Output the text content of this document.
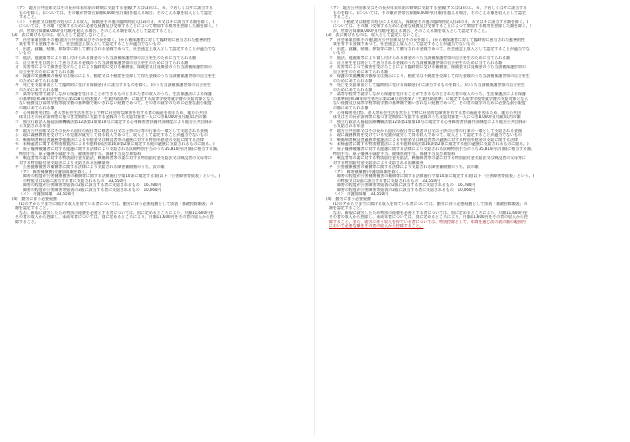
（ア）　地方公共団体又はその長が年末年始の時期に支給する金銭(アスは(3)のエ、カ、ク若しくはサに該当する
ものを除く。)については、その額が世帯合算額8,000円(月額)を超える場合、そのこえる額を収入として認定
すること。
（イ）　不動産又は動産の処分による収入、保険金その他の臨時的収入((3)のオ、カ又はキに該当する額を除く。)
については、その額（受領するために必要な経費及び受領することによつて増加する税等を控除した額を除く。）
が、世帯合算額8,000円(月額)を超える場合、そのこえる額を収入として認定すること。
(3)　次に掲げるものは、収入として認定しないこと。
ア　社会事業団体その他(地方公共団体及びその長を除く。)から被保護者に対して臨時的に恵与された慈善的性
質を有する金銭であつて、社会通念上収入として認定することが適当でないもの
イ　出産、就職、結婚、葬祭等に際して贈与される金銭であつて、社会通念上収入として認定することが適当でな
いもの
ウ　他法、他施策等により貸し付けられる資金のうち当該被保護世帯の自立更生のために当てられる額
エ　自立更生を目的として恵与される金銭のうち当該被保護世帯の自立更生のために当てられる額
オ　災害等によつて損害を受けたことにより臨時的に受ける補償金、保険金又は見舞金のうち当該被保護世帯の
自立更生のためにあてられる額
カ　保護の実施機関の指導又は指示により、動産又は不動産を売却して得た金銭のうち当該被保護世帯の自立更生
のためにあてられる額
キ　死亡を支給事由として臨時的に受ける保険金(オに該当するものを除く。)のうち当該被保護世帯の自立更生
のためにあてられる額
ク　高等学校等で就学しながら保護を受けることができるものとされた者の収入のうち、生活保護法による保護
の基準(昭和38年厚生省告示第158号)別表第7「生業扶助基準」に規定する高等学校等就学費の支給対象となら
ない経費及び高等学校等就学費の基準額で賄いきれない経費であつて、その者の就学のために必要な最小限度
の額にあてられる額
ケ　心身障害児(者)、老人等社会生活を営む上で特に社会的な障害を有する者の福祉を図るため、地方公共団
体又はその長が条例等に基づき定期的に支給する金銭のうち支給対象者一人につき8,000円(月額)以内の額
コ　独立行政法人福祉医療機構法第12条第1項第10号に規定する心身障害者扶養共済制度により地方公共団体か
ら支給される年金
サ　地方公共団体又はその長から国民の祝日等に敬老の日又は子供の日等の行事の一環として支給される金銭
シ　現に義務教育を受けている児童が就労して得る収入であつて、収入として認定することが適当でないもの
ス　戦傷病者戦没者遺族等援護法による弔慰金又は戦没者等の遺族に対する特別弔慰金の支給に関する法律
セ　未帰還者に関する特別措置法による弔慰料(同法第16条第2項に規定する他の遺族に支給されるものに限る。)
ソ　原子爆弾被爆者に対する援護に関する法律により支給される医療特別手当のうち35,810円(月額)に相当する額、
特別手当、原子爆弾小頭症手当、健康管理手当、保健手当及び葬祭料
タ　戦没者等の妻に対する特別給付金支給法、戦傷病者等の妻に対する特別給付金支給法又は戦没者の父母等に
対する特別給付金支給法により支給される国庫債券
チ　公害健康被害の補償等に関する法律により支給される障害補償費のうち、次の額
（ア）　障害補償費(介護加算額を除く。)
障害の程度が公害健康被害の補償等に関する法律施行令第10条に規定する表(以下「公害障害等級表」という。)
の特級又は1級に該当する者に支給されるもの　33,550円
障害の程度が公害障害等級表の2級に該当する者に支給されるもの　16,780円
障害の程度が公害障害等級表の3級に該当する者に支給されるもの　10,060円
（イ）　介護加算額　33,550円
(4)　勤労に伴う必要経費
(1)のアからウまでに掲げる収入を得ている者については、勤労に伴う必要経費として別表「基礎控除額表」の
額を認定すること。
なお、新規に就労したため特別の経費を必要とする者については、別に定めるところにより、月額11,600円を
その者の収入から控除し、未成年者については、別に定めるところにより、月額11,600円をその者の収入から控
除すること。
（ア）　地方公共団体又はその長が年末年始の時期に支給する金銭(アスは(3)のエ、カ、ク若しくはサに該当する
ものを除く。)については、その額が世帯合算額8,000円(月額)を超える場合、そのこえる額を収入として認定
すること。
（イ）　不動産又は動産の処分による収入、保険金その他の臨時的収入((3)のオ、カ又はキに該当する額を除く。)
については、その額（受領するために必要な経費及び受領することによつて増加する税等を控除した額を除く。）
が、世帯合算額8,000円(月額)を超える場合、そのこえる額を収入として認定すること。
(3)　次に掲げるものは、収入として認定しないこと。
ア　社会事業団体その他(地方公共団体及びその長を除く。)から被保護者に対して臨時的に恵与された慈善的性
質を有する金銭であつて、社会通念上収入として認定することが適当でないもの
イ　出産、就職、結婚、葬祭等に際して贈与される金銭であつて、社会通念上収入として認定することが適当でな
いもの
ウ　他法、他施策等により貸し付けられる資金のうち当該被保護世帯の自立更生のために当てられる額
エ　自立更生を目的として恵与される金銭のうち当該被保護世帯の自立更生のために当てられる額
オ　災害等によつて損害を受けたことにより臨時的に受ける補償金、保険金又は見舞金のうち当該被保護世帯の
自立更生のためにあてられる額
カ　保護の実施機関の指導又は指示により、動産又は不動産を売却して得た金銭のうち当該被保護世帯の自立更生
のためにあてられる額
キ　死亡を支給事由として臨時的に受ける保険金(オに該当するものを除く。)のうち当該被保護世帯の自立更生
のためにあてられる額
ク　高等学校等で就学しながら保護を受けることができるものとされた者の収入のうち、生活保護法による保護
の基準(昭和38年厚生省告示第158号)別表第7「生業扶助基準」に規定する高等学校等就学費の支給対象となら
ない経費及び高等学校等就学費の基準額で賄いきれない経費であつて、その者の就学のために必要な最小限度
の額にあてられる額
ケ　心身障害児(者)、老人等社会生活を営む上で特に社会的な障害を有する者の福祉を図るため、地方公共団
体又はその長が条例等に基づき定期的に支給する金銭のうち支給対象者一人につき8,000円(月額)以内の額
コ　独立行政法人福祉医療機構法第12条第1項第10号に規定する心身障害者扶養共済制度により地方公共団体か
ら支給される年金
サ　地方公共団体又はその長から国民の祝日等に敬老の日又は子供の日等の行事の一環として支給される金銭
シ　現に義務教育を受けている児童が就労して得る収入であつて、収入として認定することが適当でないもの
ス　戦傷病者戦没者遺族等援護法による弔慰金又は戦没者等の遺族に対する特別弔慰金の支給に関する法律
セ　未帰還者に関する特別措置法による弔慰料(同法第16条第2項に規定する他の遺族に支給されるものに限る。)
ソ　原子爆弾被爆者に対する援護に関する法律により支給される医療特別手当のうち35,810円(月額)に相当する額、
特別手当、原子爆弾小頭症手当、健康管理手当、保健手当及び葬祭料
タ　戦没者等の妻に対する特別給付金支給法、戦傷病者等の妻に対する特別給付金支給法又は戦没者の父母等に
対する特別給付金支給法により支給される国庫債券
チ　公害健康被害の補償等に関する法律により支給される障害補償費のうち、次の額
（ア）　障害補償費(介護加算額を除く。)
障害の程度が公害健康被害の補償等に関する法律施行令第10条に規定する表(以下「公害障害等級表」という。)
の特級又は1級に該当する者に支給されるもの　33,550円
障害の程度が公害障害等級表の2級に該当する者に支給されるもの　16,780円
障害の程度が公害障害等級表の3級に該当する者に支給されるもの　10,060円
（イ）　介護加算額　33,550円
(4)　勤労に伴う必要経費
(1)のアからウまでに掲げる収入を得ている者については、勤労に伴う必要経費として別表「基礎控除額表」の
額を認定すること。
なお、新規に就労したため特別の経費を必要とする者については、別に定めるところにより、月額11,600円を
その者の収入から控除し、未成年者については、別に定めるところにより、月額11,600円をその者の収入から控
除すること。また、就労に伴う収入を得ている者については、特別控除として、年間を通じ次の表の額の範囲内
において必要な額をその者の収入から控除すること。
